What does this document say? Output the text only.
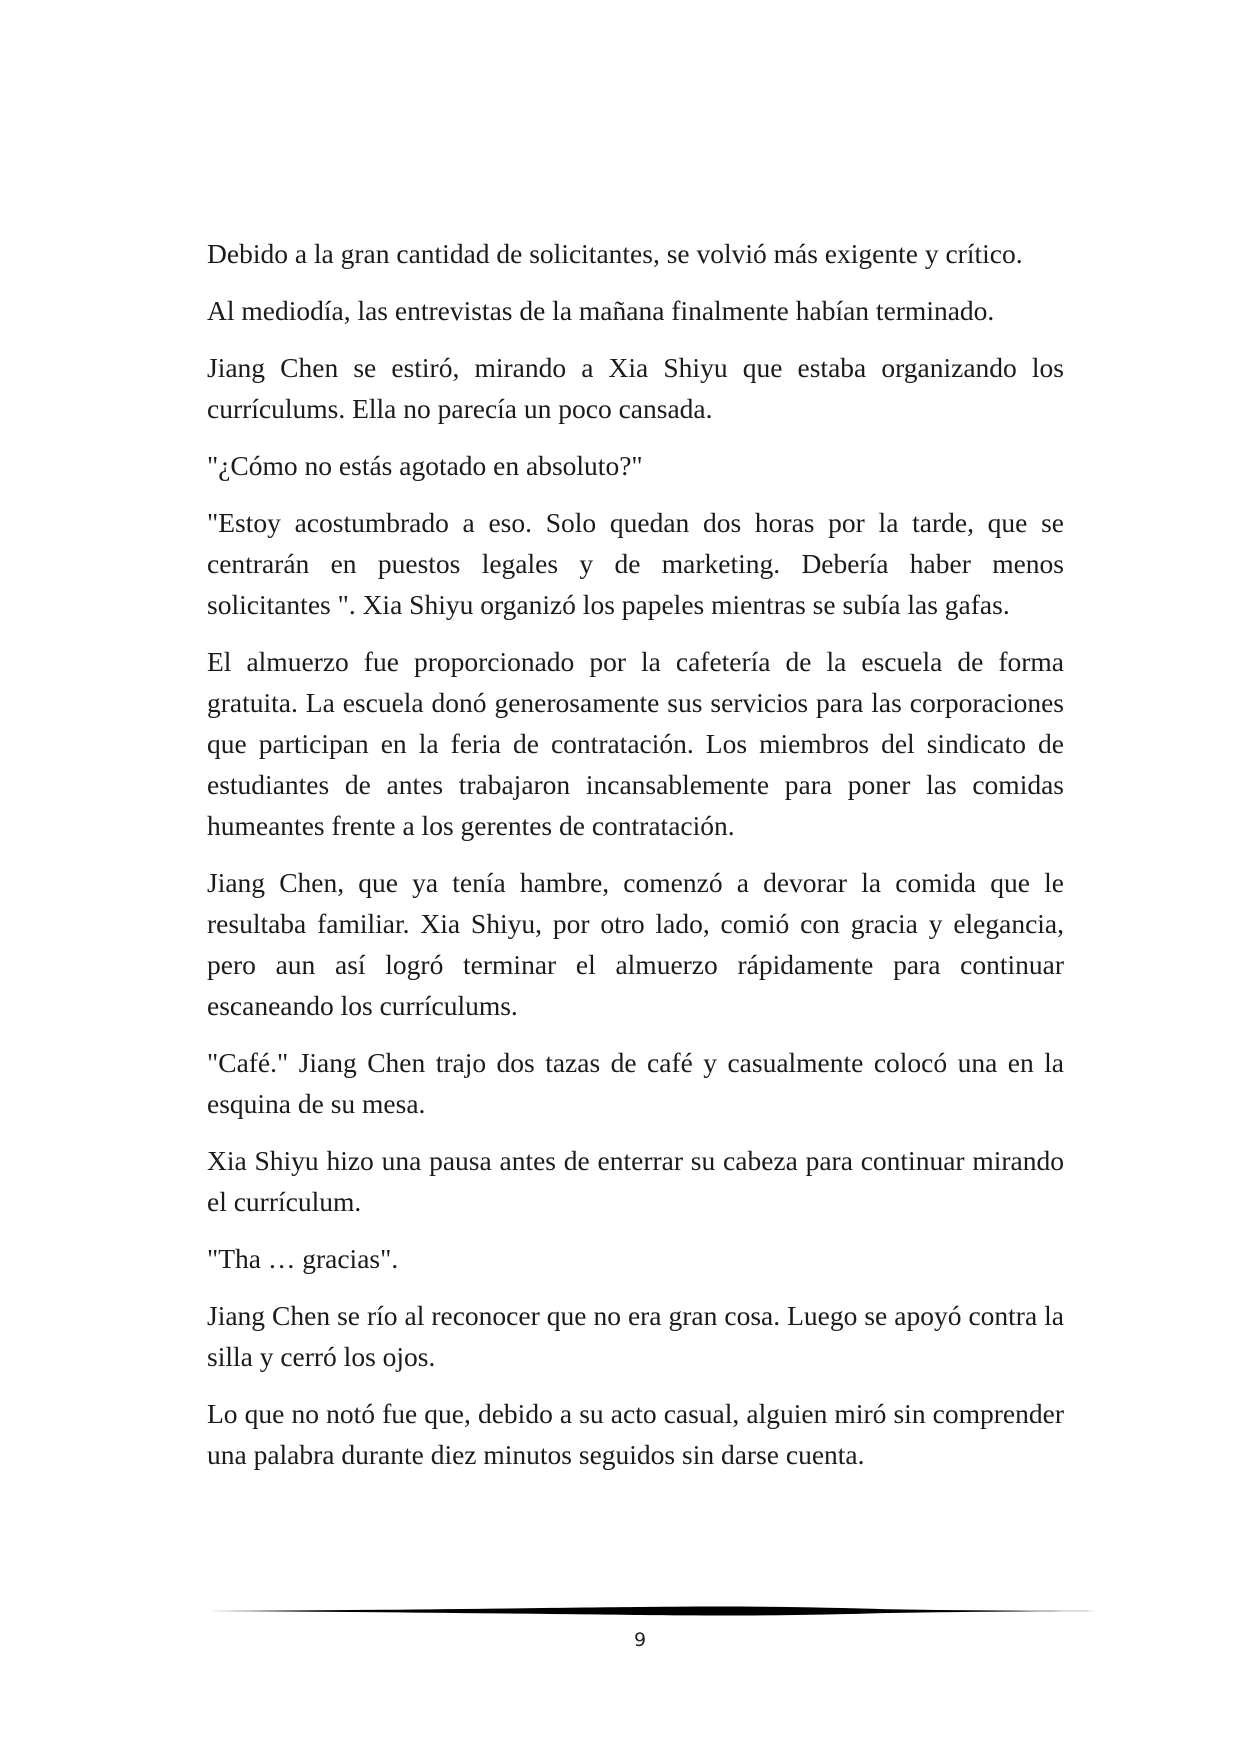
Debido a la gran cantidad de solicitantes, se volvió más exigente y crítico.

Al mediodía, las entrevistas de la mañana finalmente habían terminado.

Jiang Chen se estiró, mirando a Xia Shiyu que estaba organizando los currículums. Ella no parecía un poco cansada.

"¿Cómo no estás agotado en absoluto?"

"Estoy acostumbrado a eso. Solo quedan dos horas por la tarde, que se centrarán en puestos legales y de marketing. Debería haber menos solicitantes ". Xia Shiyu organizó los papeles mientras se subía las gafas.

El almuerzo fue proporcionado por la cafetería de la escuela de forma gratuita. La escuela donó generosamente sus servicios para las corporaciones que participan en la feria de contratación. Los miembros del sindicato de estudiantes de antes trabajaron incansablemente para poner las comidas humeantes frente a los gerentes de contratación.

Jiang Chen, que ya tenía hambre, comenzó a devorar la comida que le resultaba familiar. Xia Shiyu, por otro lado, comió con gracia y elegancia, pero aun así logró terminar el almuerzo rápidamente para continuar escaneando los currículums.

"Café." Jiang Chen trajo dos tazas de café y casualmente colocó una en la esquina de su mesa.

Xia Shiyu hizo una pausa antes de enterrar su cabeza para continuar mirando el currículum.

"Tha … gracias".

Jiang Chen se río al reconocer que no era gran cosa. Luego se apoyó contra la silla y cerró los ojos.

Lo que no notó fue que, debido a su acto casual, alguien miró sin comprender una palabra durante diez minutos seguidos sin darse cuenta.

9
